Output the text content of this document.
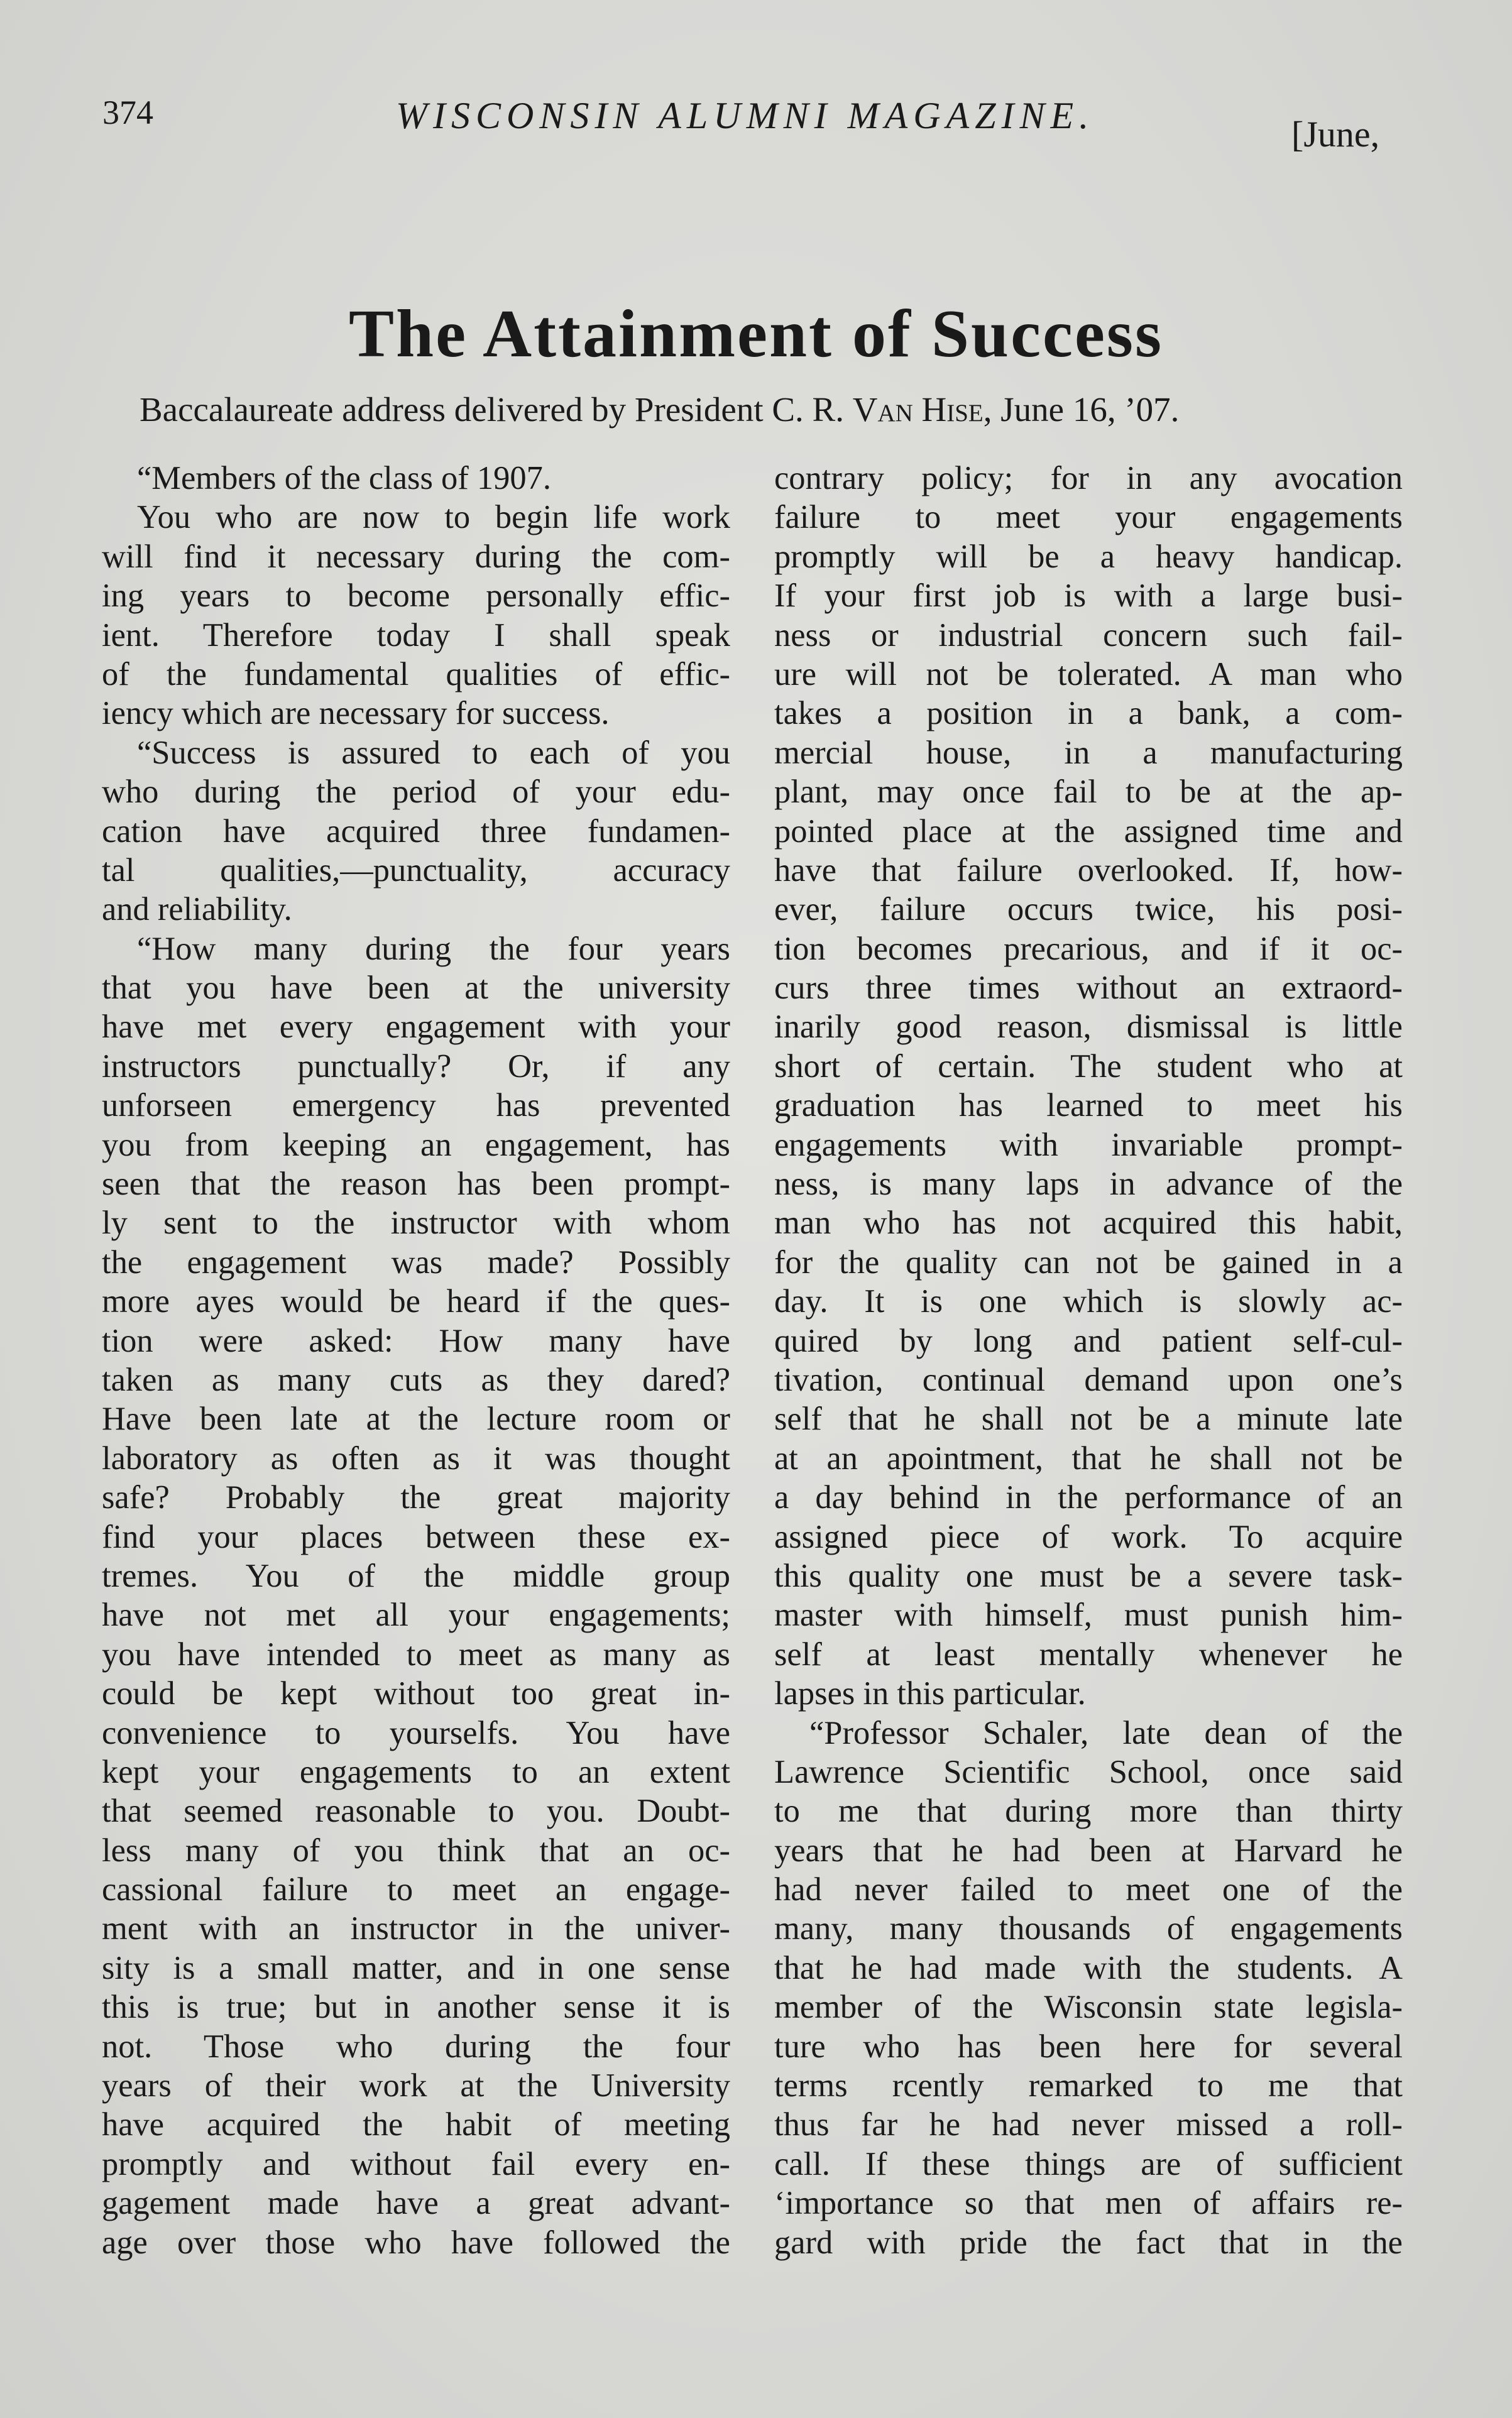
374	WISCONSIN ALUMNI MAGAZINE.	[June,
The Attainment of Success
Baccalaureate address delivered by President C. R. Van Hise, June 16, ’07.
“Members of the class of 1907.
You who are now to begin life work
will find it necessary during the com-
ing years to become personally effic-
ient. Therefore today I shall speak
of the fundamental qualities of effic-
iency which are necessary for success.
“Success is assured to each of you
who during the period of your edu-
cation have acquired three fundamen-
tal qualities,—punctuality, accuracy
and reliability.
“How many during the four years
that you have been at the university
have met every engagement with your
instructors punctually? Or, if any
unforseen emergency has prevented
you from keeping an engagement, has
seen that the reason has been prompt-
ly sent to the instructor with whom
the engagement was made? Possibly
more ayes would be heard if the ques-
tion were asked: How many have
taken as many cuts as they dared?
Have been late at the lecture room or
laboratory as often as it was thought
safe? Probably the great majority
find your places between these ex-
tremes. You of the middle group
have not met all your engagements;
you have intended to meet as many as
could be kept without too great in-
convenience to yourselfs. You have
kept your engagements to an extent
that seemed reasonable to you. Doubt-
less many of you think that an oc-
cassional failure to meet an engage-
ment with an instructor in the univer-
sity is a small matter, and in one sense
this is true; but in another sense it is
not. Those who during the four
years of their work at the University
have acquired the habit of meeting
promptly and without fail every en-
gagement made have a great advant-
age over those who have followed the
contrary policy; for in any avocation
failure to meet your engagements
promptly will be a heavy handicap.
If your first job is with a large busi-
ness or industrial concern such fail-
ure will not be tolerated. A man who
takes a position in a bank, a com-
mercial house, in a manufacturing
plant, may once fail to be at the ap-
pointed place at the assigned time and
have that failure overlooked. If, how-
ever, failure occurs twice, his posi-
tion becomes precarious, and if it oc-
curs three times without an extraord-
inarily good reason, dismissal is little
short of certain. The student who at
graduation has learned to meet his
engagements with invariable prompt-
ness, is many laps in advance of the
man who has not acquired this habit,
for the quality can not be gained in a
day. It is one which is slowly ac-
quired by long and patient self-cul-
tivation, continual demand upon one’s
self that he shall not be a minute late
at an apointment, that he shall not be
a day behind in the performance of an
assigned piece of work. To acquire
this quality one must be a severe task-
master with himself, must punish him-
self at least mentally whenever he
lapses in this particular.
“Professor Schaler, late dean of the
Lawrence Scientific School, once said
to me that during more than thirty
years that he had been at Harvard he
had never failed to meet one of the
many, many thousands of engagements
that he had made with the students. A
member of the Wisconsin state legisla-
ture who has been here for several
terms rcently remarked to me that
thus far he had never missed a roll-
call. If these things are of sufficient
‘importance so that men of affairs re-
gard with pride the fact that in the
